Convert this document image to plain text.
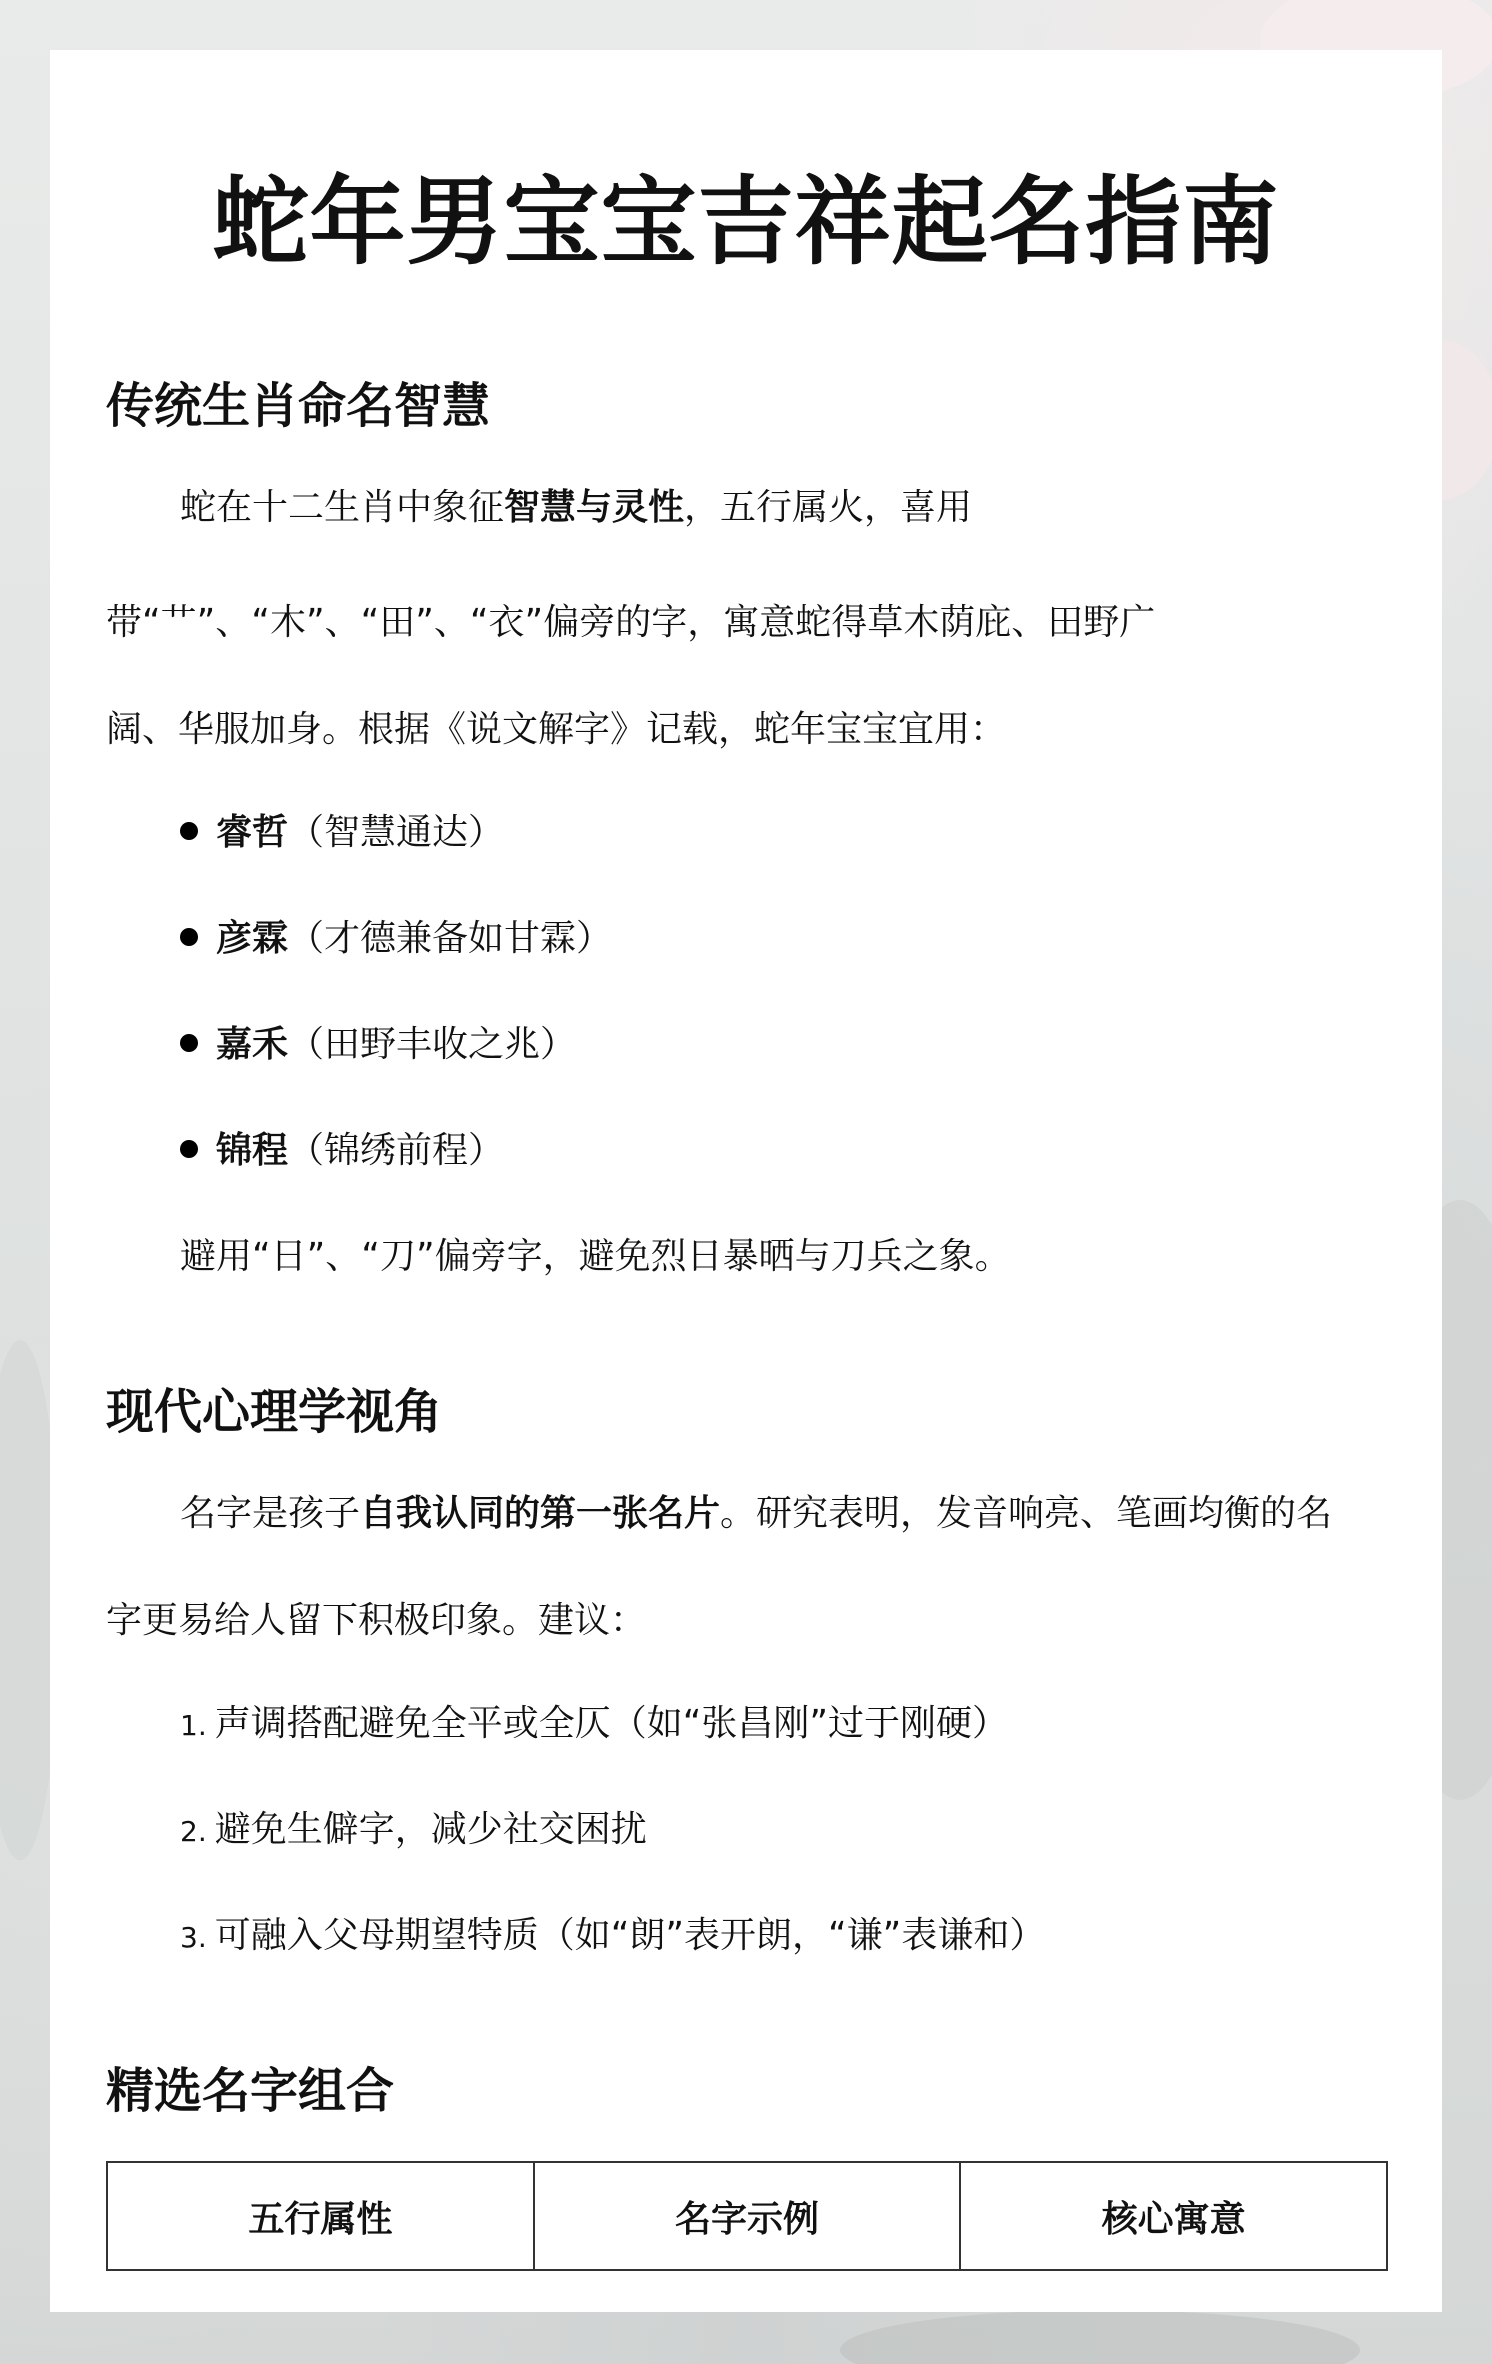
蛇年男宝宝吉祥起名指南
传统生肖命名智慧

蛇在十二生肖中象征智慧与灵性，五行属火，喜用

带“艹”、“木”、“田”、“衣”偏旁的字，寓意蛇得草木荫庇、田野广

阔、华服加身。根据《说文解字》记载，蛇年宝宝宜用：

睿哲（智慧通达）
彦霖（才德兼备如甘霖）
嘉禾（田野丰收之兆）
锦程（锦绣前程）

避用“日”、“刀”偏旁字，避免烈日暴晒与刀兵之象。

现代心理学视角

名字是孩子自我认同的第一张名片。研究表明，发音响亮、笔画均衡的名

字更易给人留下积极印象。建议：

1. 声调搭配避免全平或全仄（如“张昌刚”过于刚硬）
2. 避免生僻字，减少社交困扰
3. 可融入父母期望特质（如“朗”表开朗，“谦”表谦和）
精选名字组合
五行属性	名字示例	核心寓意
